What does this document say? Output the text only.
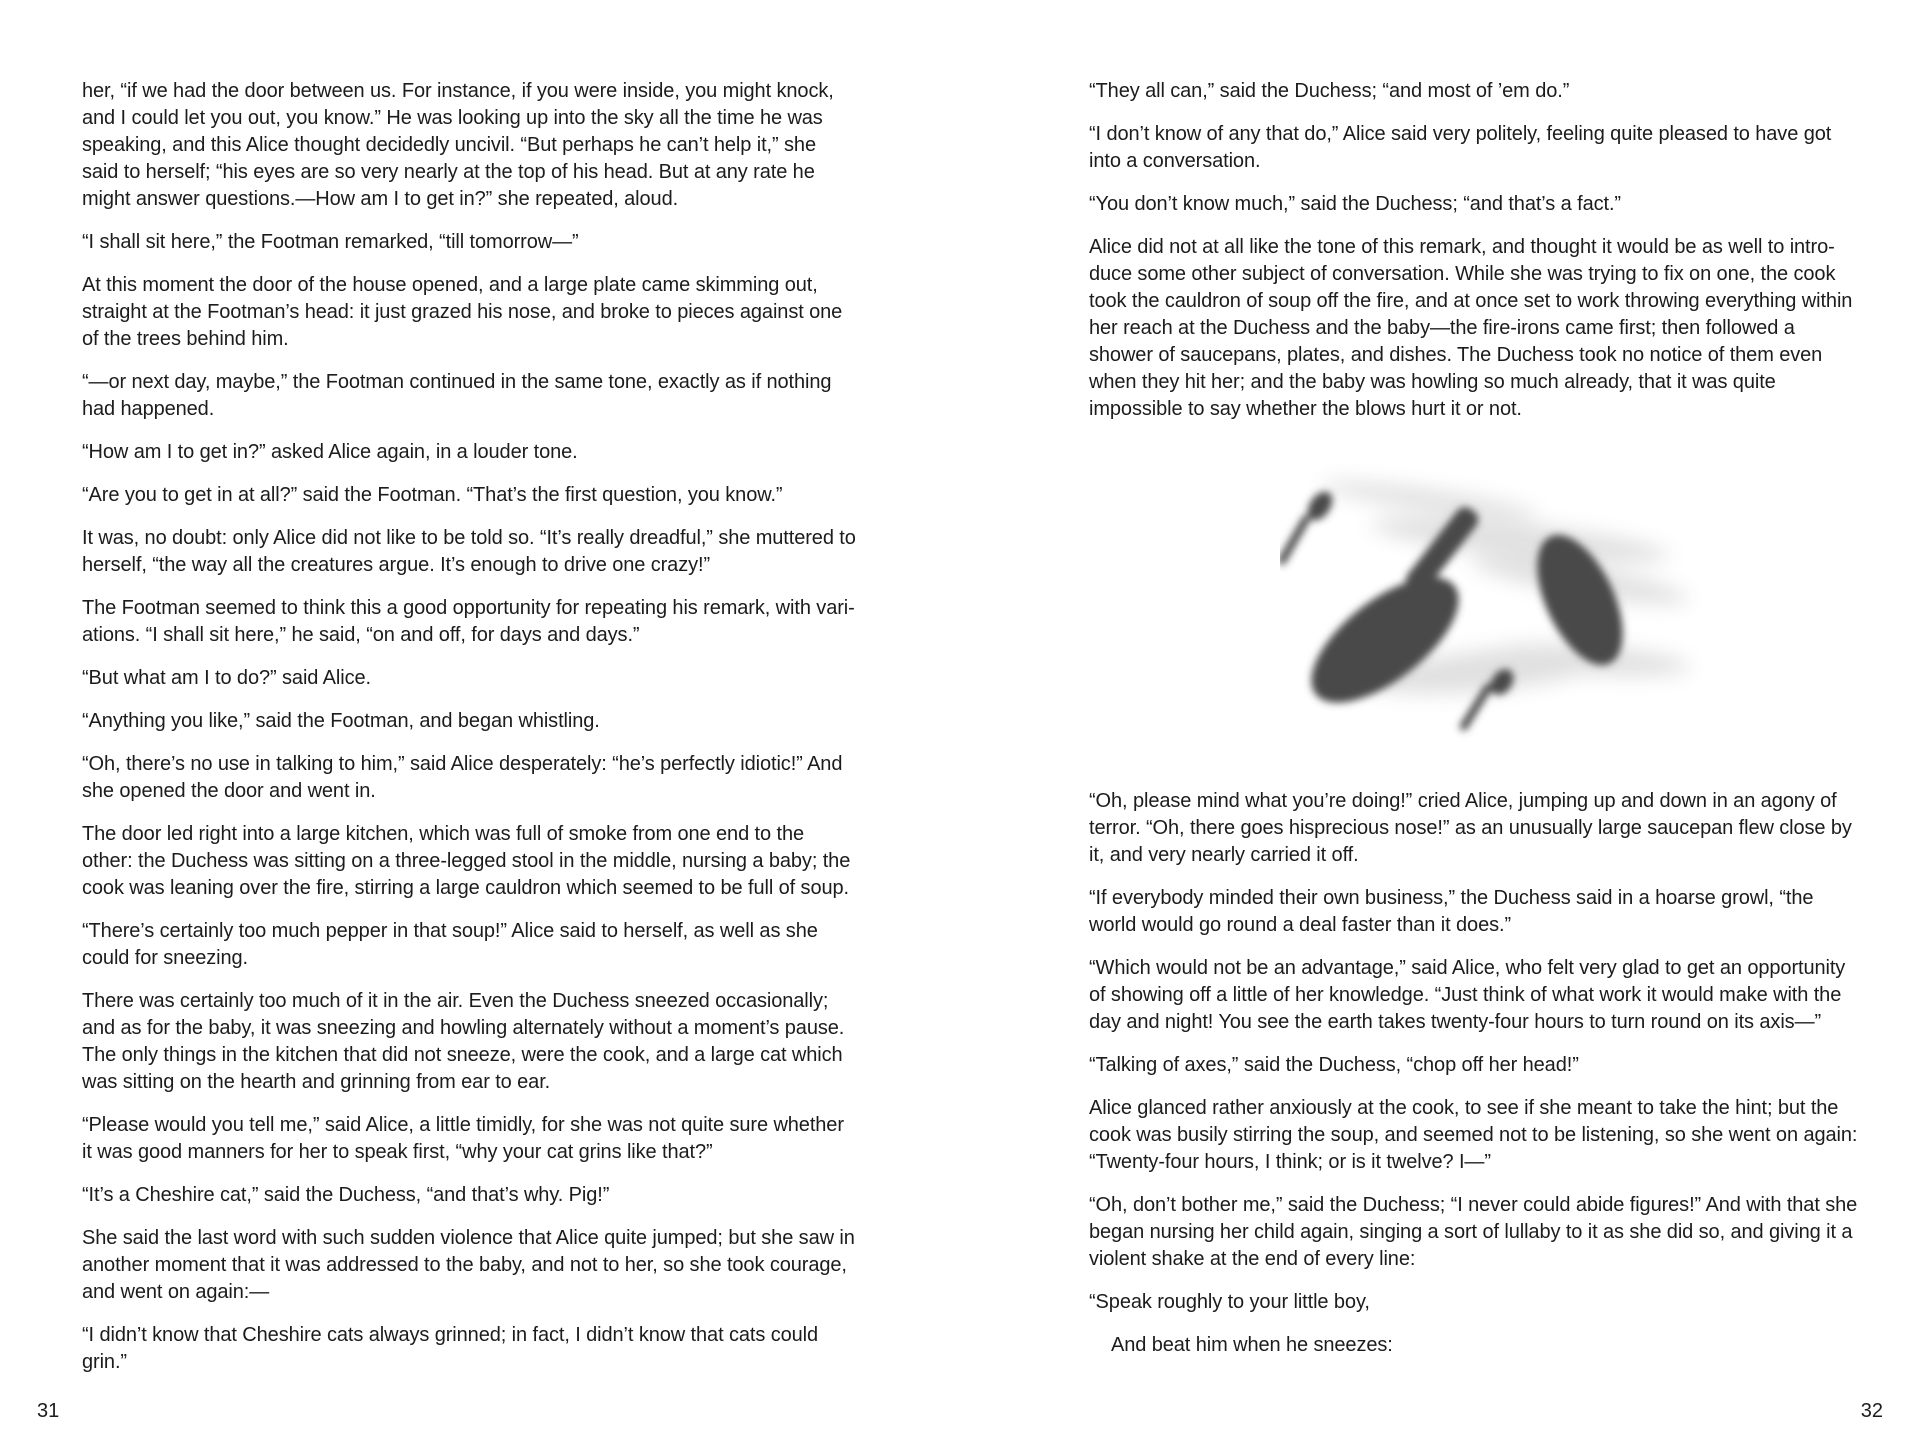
her, “if we had the door between us. For instance, if you were inside, you might knock, and I could let you out, you know.” He was looking up into the sky all the time he was speaking, and this Alice thought decidedly uncivil. “But perhaps he can’t help it,” she said to herself; “his eyes are so very nearly at the top of his head. But at any rate he might answer questions.—How am I to get in?” she repeated, aloud.

“I shall sit here,” the Footman remarked, “till tomorrow—”

At this moment the door of the house opened, and a large plate came skimming out, straight at the Footman’s head: it just grazed his nose, and broke to pieces against one of the trees behind him.

“—or next day, maybe,” the Footman continued in the same tone, exactly as if nothing had happened.

“How am I to get in?” asked Alice again, in a louder tone.

“Are you to get in at all?” said the Footman. “That’s the first question, you know.”

It was, no doubt: only Alice did not like to be told so. “It’s really dreadful,” she muttered to herself, “the way all the creatures argue. It’s enough to drive one crazy!”

The Footman seemed to think this a good opportunity for repeating his remark, with variations. “I shall sit here,” he said, “on and off, for days and days.”

“But what am I to do?” said Alice.

“Anything you like,” said the Footman, and began whistling.

“Oh, there’s no use in talking to him,” said Alice desperately: “he’s perfectly idiotic!” And she opened the door and went in.

The door led right into a large kitchen, which was full of smoke from one end to the other: the Duchess was sitting on a three-legged stool in the middle, nursing a baby; the cook was leaning over the fire, stirring a large cauldron which seemed to be full of soup.

“There’s certainly too much pepper in that soup!” Alice said to herself, as well as she could for sneezing.

There was certainly too much of it in the air. Even the Duchess sneezed occasionally; and as for the baby, it was sneezing and howling alternately without a moment’s pause. The only things in the kitchen that did not sneeze, were the cook, and a large cat which was sitting on the hearth and grinning from ear to ear.

“Please would you tell me,” said Alice, a little timidly, for she was not quite sure whether it was good manners for her to speak first, “why your cat grins like that?”

“It’s a Cheshire cat,” said the Duchess, “and that’s why. Pig!”

She said the last word with such sudden violence that Alice quite jumped; but she saw in another moment that it was addressed to the baby, and not to her, so she took courage, and went on again:—

“I didn’t know that Cheshire cats always grinned; in fact, I didn’t know that cats could grin.”

31

“They all can,” said the Duchess; “and most of ’em do.”

“I don’t know of any that do,” Alice said very politely, feeling quite pleased to have got into a conversation.

“You don’t know much,” said the Duchess; “and that’s a fact.”

Alice did not at all like the tone of this remark, and thought it would be as well to introduce some other subject of conversation. While she was trying to fix on one, the cook took the cauldron of soup off the fire, and at once set to work throwing everything within her reach at the Duchess and the baby—the fire-irons came first; then followed a shower of saucepans, plates, and dishes. The Duchess took no notice of them even when they hit her; and the baby was howling so much already, that it was quite impossible to say whether the blows hurt it or not.

“Oh, please mind what you’re doing!” cried Alice, jumping up and down in an agony of terror. “Oh, there goes hisprecious nose!” as an unusually large saucepan flew close by it, and very nearly carried it off.

“If everybody minded their own business,” the Duchess said in a hoarse growl, “the world would go round a deal faster than it does.”

“Which would not be an advantage,” said Alice, who felt very glad to get an opportunity of showing off a little of her knowledge. “Just think of what work it would make with the day and night! You see the earth takes twenty-four hours to turn round on its axis—”

“Talking of axes,” said the Duchess, “chop off her head!”

Alice glanced rather anxiously at the cook, to see if she meant to take the hint; but the cook was busily stirring the soup, and seemed not to be listening, so she went on again: “Twenty-four hours, I think; or is it twelve? I—”

“Oh, don’t bother me,” said the Duchess; “I never could abide figures!” And with that she began nursing her child again, singing a sort of lullaby to it as she did so, and giving it a violent shake at the end of every line:

“Speak roughly to your little boy,

And beat him when he sneezes:

32
